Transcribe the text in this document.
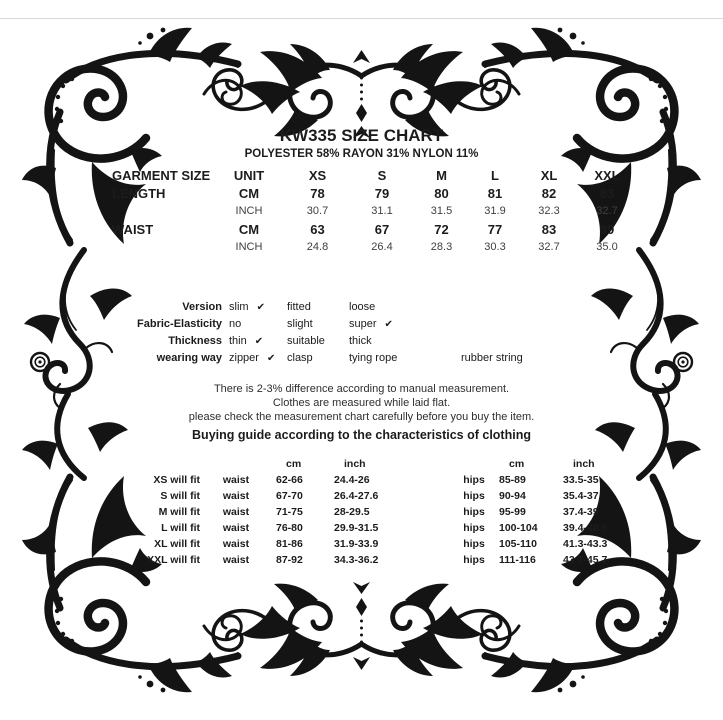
KW335 SIZE CHART
POLYESTER 58% RAYON 31% NYLON 11%
GARMENT SIZE	UNIT	XS	S	M	L	XL	XXL
LENGTH	CM	78	79	80	81	82	83
INCH	30.7	31.1	31.5	31.9	32.3	32.7
WAIST	CM	63	67	72	77	83	89
INCH	24.8	26.4	28.3	30.3	32.7	35.0
Version slim ✔	fitted	loose
Fabric-Elasticity no	slight	super ✔
Thickness thin ✔	suitable	thick
wearing way zipper ✔	clasp	tying rope	rubber string
There is 2-3% difference according to manual measurement.
Clothes are measured while laid flat.
please check the measurement chart carefully before you buy the item.
Buying guide according to the characteristics of clothing
cm	inch	cm	inch
XS will fit	waist	62-66	24.4-26	hips	85-89	33.5-35
S will fit	waist	67-70	26.4-27.6	hips	90-94	35.4-37
M will fit	waist	71-75	28-29.5	hips	95-99	37.4-39
L will fit	waist	76-80	29.9-31.5	hips	100-104	39.4-40.9
XL will fit	waist	81-86	31.9-33.9	hips	105-110	41.3-43.3
XXL will fit	waist	87-92	34.3-36.2	hips	111-116	43.7-45.7
